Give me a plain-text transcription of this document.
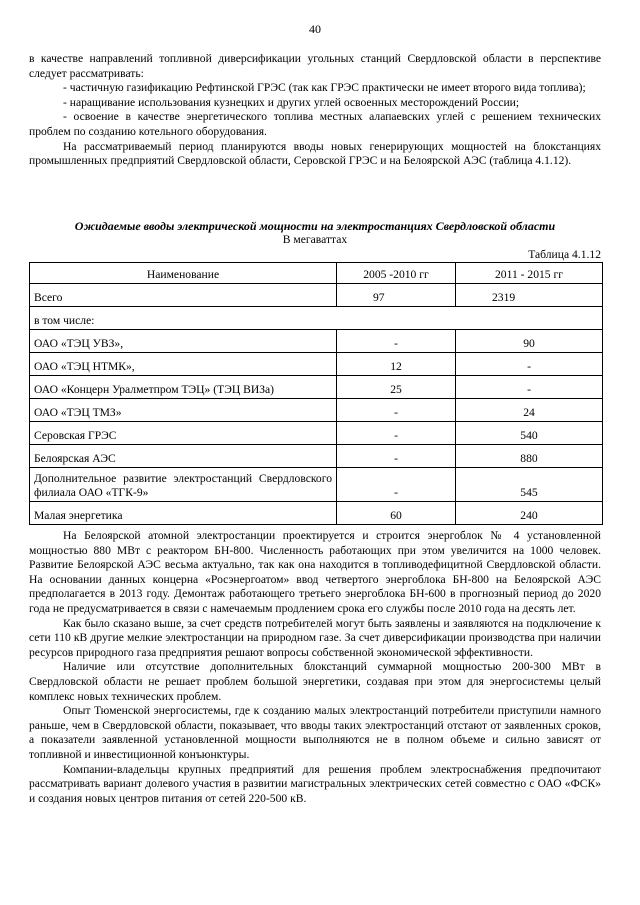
40

в качестве направлений топливной диверсификации угольных станций Свердловской области в перспективе следует рассматривать:

- частичную газификацию Рефтинской ГРЭС (так как ГРЭС практически не имеет второго вида топлива);

- наращивание использования кузнецких и других углей освоенных месторождений России;

- освоение в качестве энергетического топлива местных алапаевских углей с решением технических проблем по созданию котельного оборудования.

На рассматриваемый период планируются вводы новых генерирующих мощностей на блокстанциях промышленных предприятий Свердловской области, Серовской ГРЭС и на Белоярской АЭС (таблица 4.1.12).

Ожидаемые вводы электрической мощности на электростанциях Свердловской области
В мегаваттах
Таблица 4.1.12
Наименование	2005 -2010 гг	2011 - 2015 гг
Всего	97	2319
в том числе:		
ОАО «ТЭЦ УВЗ»,	-	90
ОАО «ТЭЦ НТМК»,	12	-
ОАО «Концерн Уралметпром ТЭЦ» (ТЭЦ ВИЗа)	25	-
ОАО «ТЭЦ ТМЗ»	-	24
Серовская ГРЭС	-	540
Белоярская АЭС	-	880
Дополнительное развитие электростанций Свердловского филиала ОАО «ТГК-9»	-	545
Малая энергетика	60	240

На Белоярской атомной электростанции проектируется и строится энергоблок № 4 установленной мощностью 880 МВт с реактором БН-800. Численность работающих при этом увеличится на 1000 человек. Развитие Белоярской АЭС весьма актуально, так как она находится в топливодефицитной Свердловской области. На основании данных концерна «Росэнергоатом» ввод четвертого энергоблока БН-800 на Белоярской АЭС предполагается в 2013 году. Демонтаж работающего третьего энергоблока БН-600 в прогнозный период до 2020 года не предусматривается в связи с намечаемым продлением срока его службы после 2010 года на десять лет.

Как было сказано выше, за счет средств потребителей могут быть заявлены и заявляются на подключение к сети 110 кВ другие мелкие электростанции на природном газе. За счет диверсификации производства при наличии ресурсов природного газа предприятия решают вопросы собственной экономической эффективности.

Наличие или отсутствие дополнительных блокстанций суммарной мощностью 200-300 МВт в Свердловской области не решает проблем большой энергетики, создавая при этом для энергосистемы целый комплекс новых технических проблем.

Опыт Тюменской энергосистемы, где к созданию малых электростанций потребители приступили намного раньше, чем в Свердловской области, показывает, что вводы таких электростанций отстают от заявленных сроков, а показатели заявленной установленной мощности выполняются не в полном объеме и сильно зависят от топливной и инвестиционной конъюнктуры.

Компании-владельцы крупных предприятий для решения проблем электроснабжения предпочитают рассматривать вариант долевого участия в развитии магистральных электрических сетей совместно с ОАО «ФСК» и создания новых центров питания от сетей 220-500 кВ.
